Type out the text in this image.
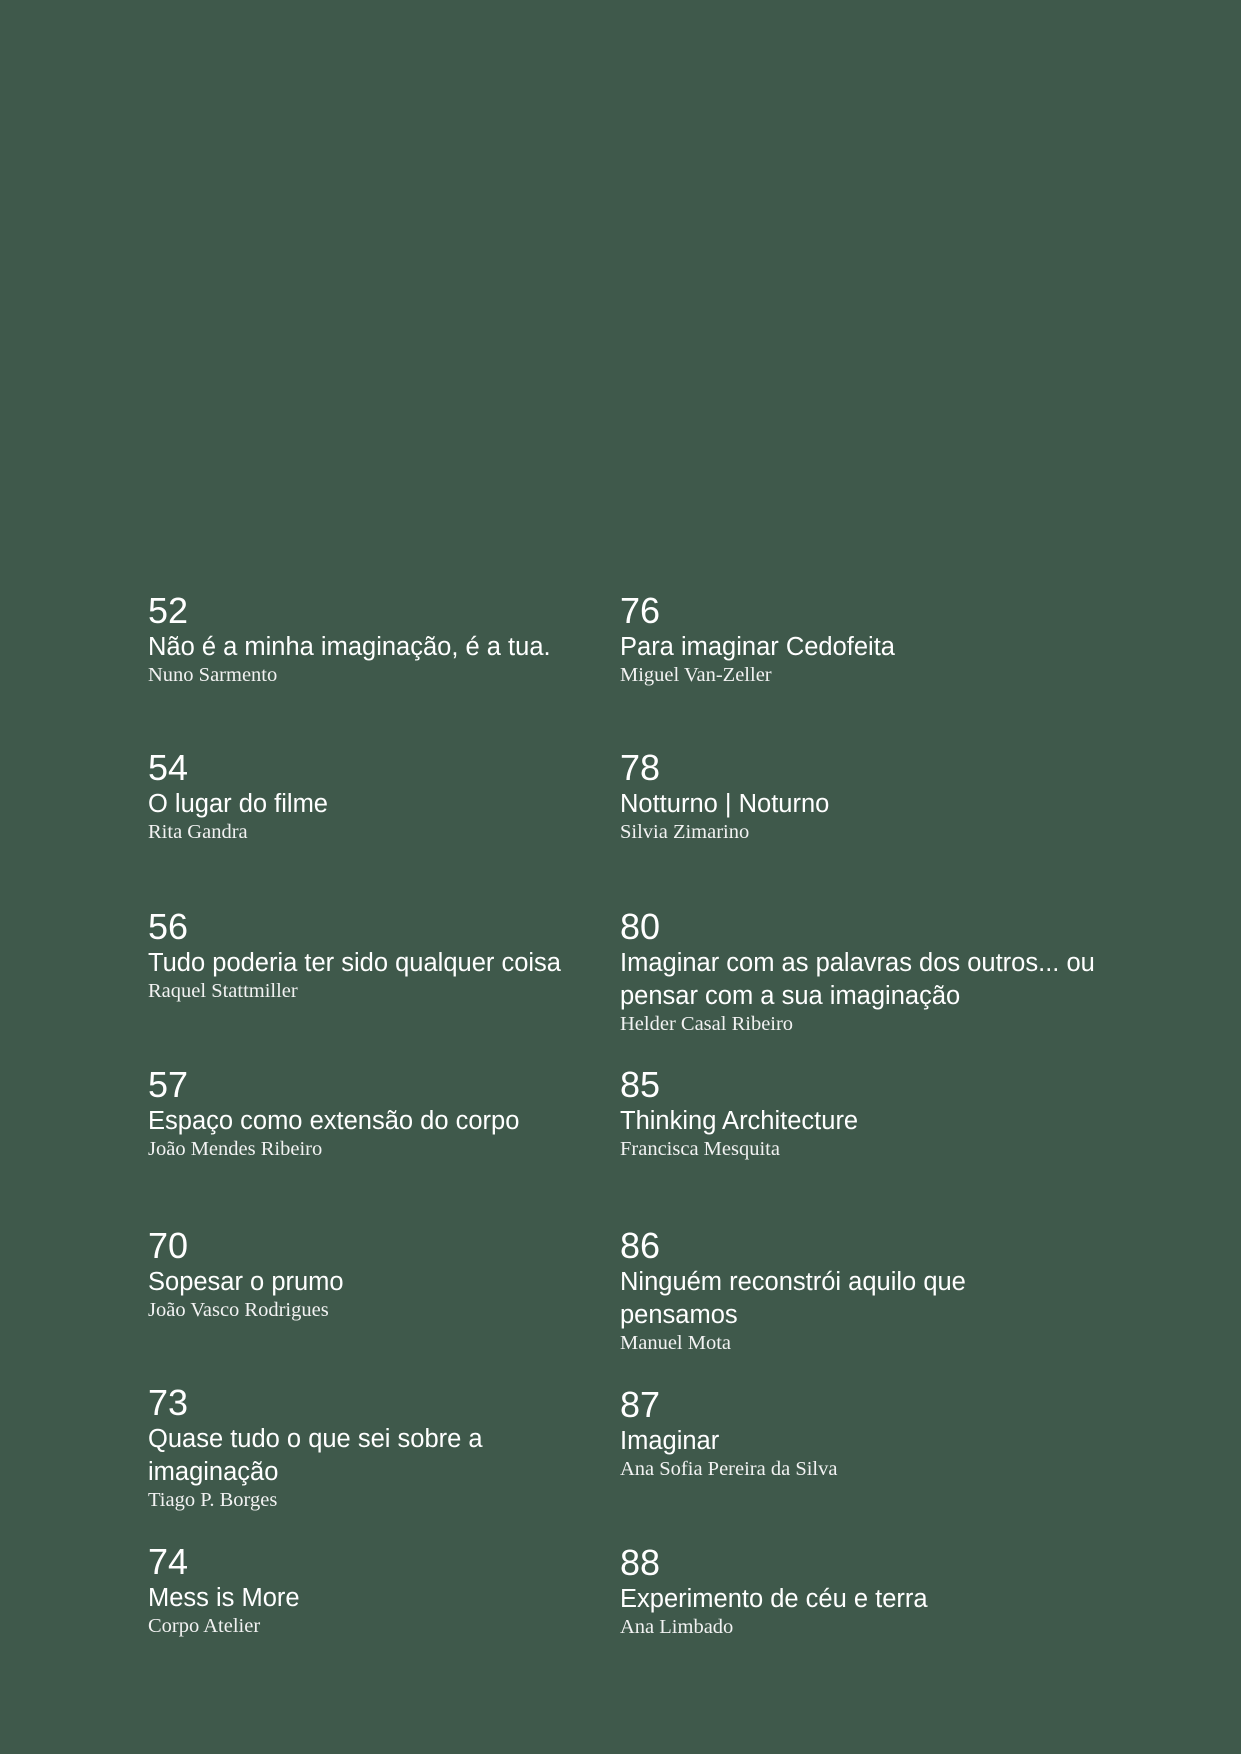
52
Não é a minha imaginação, é a tua.
Nuno Sarmento
54
O lugar do filme
Rita Gandra
56
Tudo poderia ter sido qualquer coisa
Raquel Stattmiller
57
Espaço como extensão do corpo
João Mendes Ribeiro
70
Sopesar o prumo
João Vasco Rodrigues
73
Quase tudo o que sei sobre a imaginação
Tiago P. Borges
74
Mess is More
Corpo Atelier
76
Para imaginar Cedofeita
Miguel Van-Zeller
78
Notturno | Noturno
Silvia Zimarino
80
Imaginar com as palavras dos outros... ou pensar com a sua imaginação
Helder Casal Ribeiro
85
Thinking Architecture
Francisca Mesquita
86
Ninguém reconstrói aquilo que pensamos
Manuel Mota
87
Imaginar
Ana Sofia Pereira da Silva
88
Experimento de céu e terra
Ana Limbado
